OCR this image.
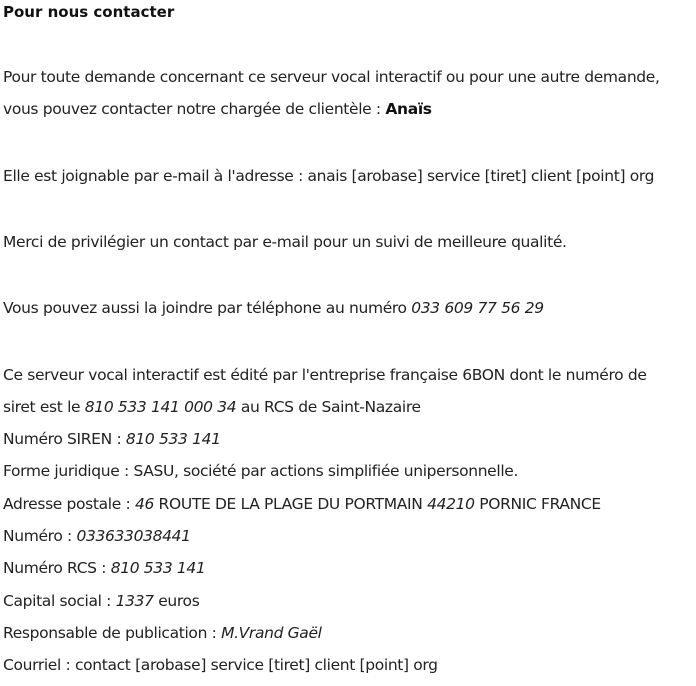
Pour nous contacter
Pour toute demande concernant ce serveur vocal interactif ou pour une autre demande,
vous pouvez contacter notre chargée de clientèle : Anaïs
Elle est joignable par e-mail à l'adresse : anais [arobase] service [tiret] client [point] org
Merci de privilégier un contact par e-mail pour un suivi de meilleure qualité.
Vous pouvez aussi la joindre par téléphone au numéro 033 609 77 56 29
Ce serveur vocal interactif est édité par l'entreprise française 6BON dont le numéro de
siret est le 810 533 141 000 34 au RCS de Saint-Nazaire
Numéro SIREN : 810 533 141
Forme juridique : SASU, société par actions simplifiée unipersonnelle.
Adresse postale : 46 ROUTE DE LA PLAGE DU PORTMAIN 44210 PORNIC FRANCE
Numéro : 033633038441
Numéro RCS : 810 533 141
Capital social : 1337 euros
Responsable de publication : M.Vrand Gaël
Courriel : contact [arobase] service [tiret] client [point] org
